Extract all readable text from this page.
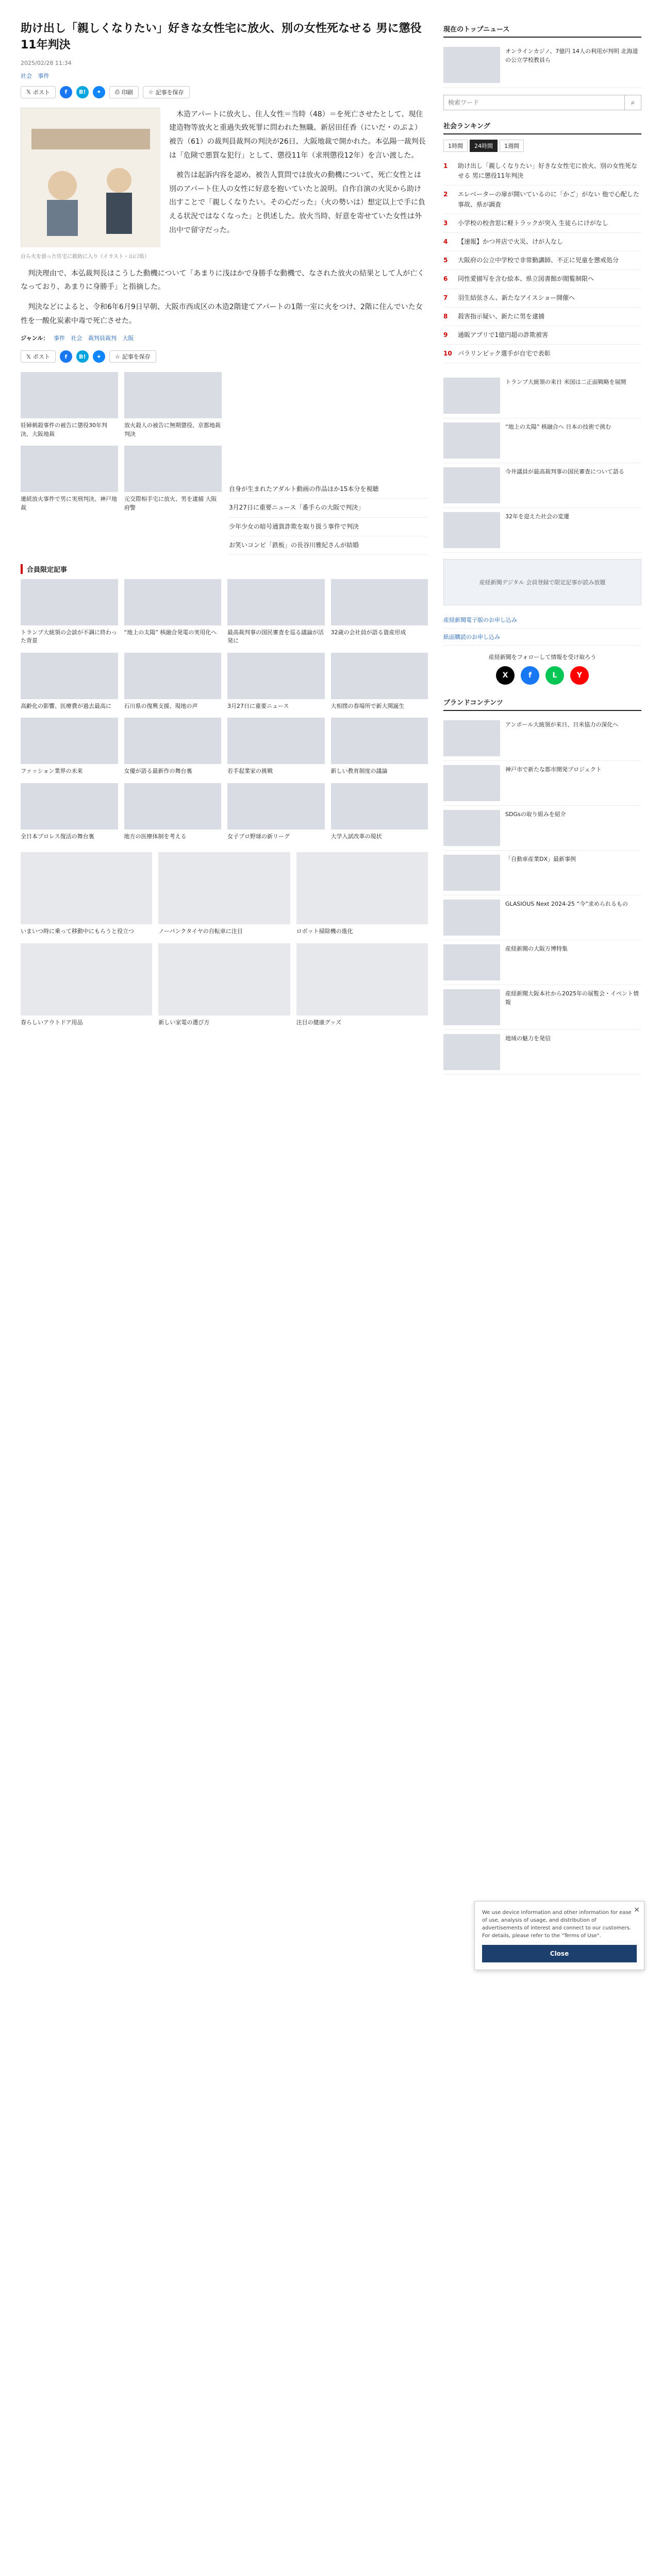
助け出し「親しくなりたい」好きな女性宅に放火、別の女性死なせる 男に懲役11年判決
2025/02/28 11:34
社会 事件
𝕏 ポスト	f	B!	✦	⎙ 印刷	☆ 記事を保存

木造アパートに放火し、住人女性＝当時（48）＝を死亡させたとして、現住建造物等放火と重過失致死罪に問われた無職、新居田任香（にいだ・のぶよ）被告（61）の裁判員裁判の判決が26日、大阪地裁で開かれた。本弘陽一裁判長は「危険で悪質な犯行」として、懲役11年（求刑懲役12年）を言い渡した。

被告は起訴内容を認め、被告人質問では放火の動機について、死亡女性とは別のアパート住人の女性に好意を抱いていたと説明。自作自演の火災から助け出すことで「親しくなりたい。その心だった」（火の勢いは）想定以上で手に負える状況ではなくなった」と供述した。放火当時、好意を寄せていた女性は外出中で留守だった。

自ら火を放った住宅に救助に入り（イラスト・山口県）

判決理由で、本弘裁判長はこうした動機について「あまりに浅はかで身勝手な動機で、なされた放火の結果として人が亡くなっており、あまりに身勝手」と指摘した。

判決などによると、令和6年6月9日早朝、大阪市西成区の木造2階建てアパートの1階一室に火をつけ、2階に住んでいた女性を一酸化炭素中毒で死亡させた。

ジャンル： 事件 社会 裁判員裁判 大阪
𝕏 ポスト	f	B!	✦	☆ 記事を保存
妊婦刺殺事件の被告に懲役30年判決、大阪地裁
放火殺人の被告に無期懲役、京都地裁判決
連続放火事件で男に実刑判決、神戸地裁
元交際相手宅に放火、男を逮捕 大阪府警
自身が生まれたアダルト動画の作品ほか15本分を視聴
3月27日に重要ニュース「番手らの大阪で判決」
少年少女の暗号通貨詐欺を取り扱う事件で判決
お笑いコンビ「鉄板」の長谷川雅紀さんが結婚
合員限定記事
トランプ大統領の会談が不調に終わった背景
“地上の太陽” 核融合発電の実用化へ	最高裁判事の国民審査を巡る議論が活発に
32歳の会社員が語る資産形成
高齢化の影響、医療費が過去最高に	石川県の復興支援、現地の声	3月27日に重要ニュース	大相撲の春場所で新大関誕生
ファッション業界の未来	女優が語る最新作の舞台裏	若手起業家の挑戦	新しい教育制度の議論
全日本プロレス復活の舞台裏	地方の医療体制を考える	女子プロ野球の新リーグ	大学入試改革の現状
いまいつ時に乗って移動中にもらうと役立つ	ノーパンクタイヤの自転車に注目	ロボット掃除機の進化
春らしいアウトドア用品	新しい家電の選び方	注目の健康グッズ
現在のトップニュース
オンラインカジノ、7億円 14人の利用が判明 北海道の公立学校教員ら
検索ワード
⌕
社会ランキング
1時間	24時間	1週間
1	助け出し「親しくなりたい」好きな女性宅に放火、別の女性死なせる 男に懲役11年判決
2	エレベーターの扉が開いているのに「かご」がない 他で心配した事故、県が調査
3	小学校の校舎窓に軽トラックが突入 生徒らにけがなし
4	【速報】かつ丼店で火災、けが人なし
5	大阪府の公立中学校で非常勤講師、不正に児童を懲戒処分
6	同性愛描写を含む絵本、県立図書館が閲覧制限へ
7	羽生結弦さん、新たなアイスショー開催へ
8	殺害指示疑い、新たに男を逮捕
9	通販アプリで1億円超の詐欺被害
10 パラリンピック選手が自宅で表彰
トランプ大統領の来日 米国は二正面戦略を展開
“地上の太陽” 核融合へ 日本の技術で挑む
今井議員が最高裁判事の国民審査について語る
32年を迎えた社会の変遷
産経新聞デジタル 会員登録で限定記事が読み放題
産経新聞電子版のお申し込み
紙面購読のお申し込み
産経新聞をフォローして情報を受け取ろう
X	f	L	Y
ブランドコンテンツ
アンポール大統領が来日、日米協力の深化へ
神戸市で新たな都市開発プロジェクト
SDGsの取り組みを紹介
「自動車産業DX」最新事例
GLASIOUS Next 2024-25 “今”求められるもの
産経新聞の大阪万博特集
産経新聞大阪本社から2025年の展覧会・イベント情報
地域の魅力を発信
×
We use device information and other information for ease of use, analysis of usage, and distribution of advertisements of interest and connect to our customers. For details, please refer to the "Terms of Use".
Close
